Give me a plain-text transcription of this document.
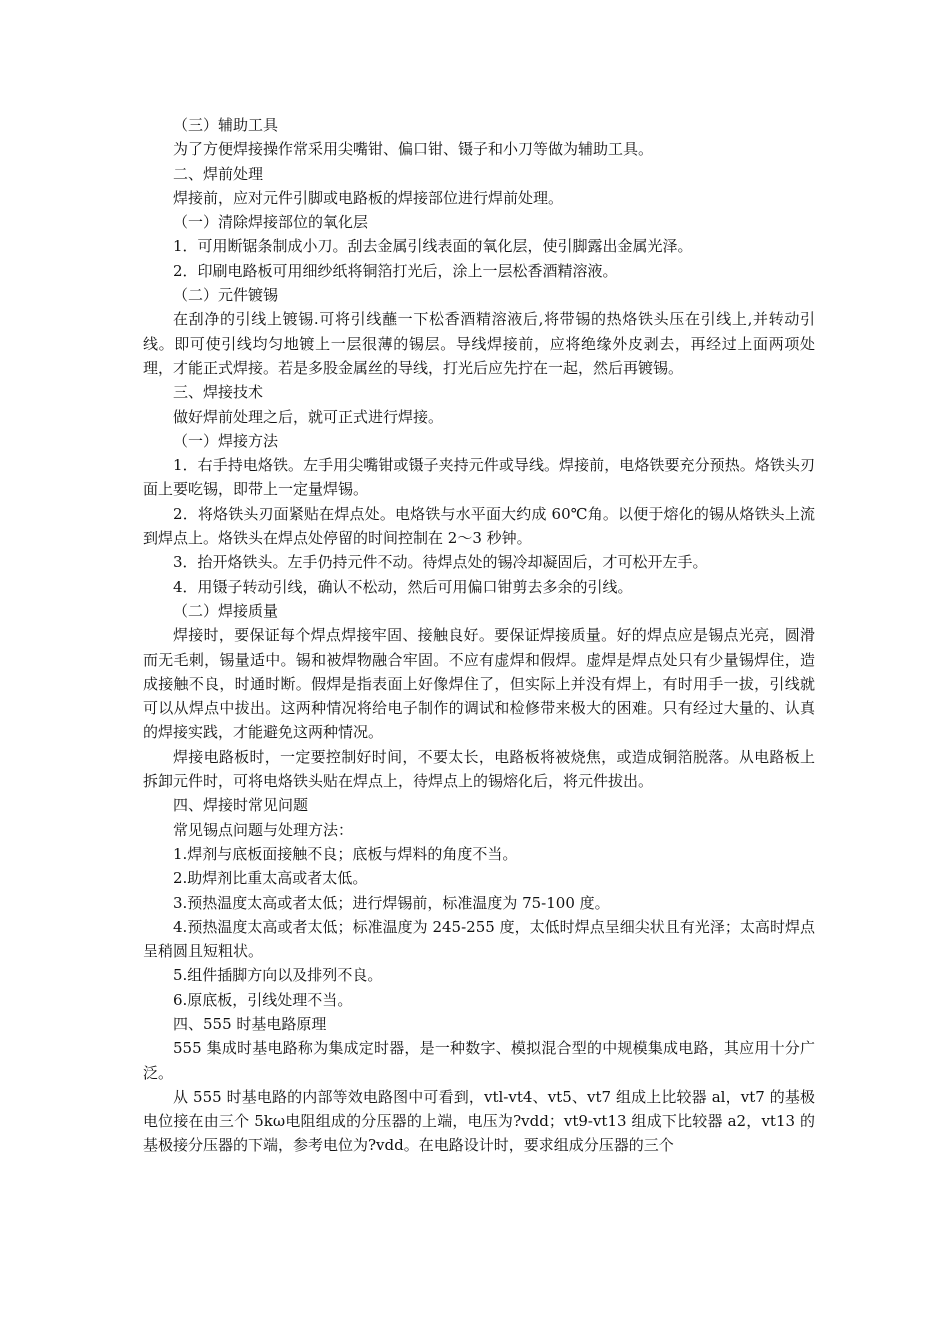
（三）辅助工具

为了方便焊接操作常采用尖嘴钳、偏口钳、镊子和小刀等做为辅助工具。

二、焊前处理

焊接前，应对元件引脚或电路板的焊接部位进行焊前处理。

（一）清除焊接部位的氧化层

1．可用断锯条制成小刀。刮去金属引线表面的氧化层，使引脚露出金属光泽。

2．印刷电路板可用细纱纸将铜箔打光后，涂上一层松香酒精溶液。

（二）元件镀锡

在刮净的引线上镀锡.可将引线蘸一下松香酒精溶液后,将带锡的热烙铁头压在引线上,并转动引线。即可使引线均匀地镀上一层很薄的锡层。导线焊接前，应将绝缘外皮剥去，再经过上面两项处理，才能正式焊接。若是多股金属丝的导线，打光后应先拧在一起，然后再镀锡。

三、焊接技术

做好焊前处理之后，就可正式进行焊接。

（一）焊接方法

1．右手持电烙铁。左手用尖嘴钳或镊子夹持元件或导线。焊接前，电烙铁要充分预热。烙铁头刃面上要吃锡，即带上一定量焊锡。

2．将烙铁头刃面紧贴在焊点处。电烙铁与水平面大约成 60℃角。以便于熔化的锡从烙铁头上流到焊点上。烙铁头在焊点处停留的时间控制在 2～3 秒钟。

3．抬开烙铁头。左手仍持元件不动。待焊点处的锡冷却凝固后，才可松开左手。

4．用镊子转动引线，确认不松动，然后可用偏口钳剪去多余的引线。

（二）焊接质量

焊接时，要保证每个焊点焊接牢固、接触良好。要保证焊接质量。好的焊点应是锡点光亮，圆滑而无毛刺，锡量适中。锡和被焊物融合牢固。不应有虚焊和假焊。虚焊是焊点处只有少量锡焊住，造成接触不良，时通时断。假焊是指表面上好像焊住了，但实际上并没有焊上，有时用手一拔，引线就可以从焊点中拔出。这两种情况将给电子制作的调试和检修带来极大的困难。只有经过大量的、认真的焊接实践，才能避免这两种情况。

焊接电路板时，一定要控制好时间，不要太长，电路板将被烧焦，或造成铜箔脱落。从电路板上拆卸元件时，可将电烙铁头贴在焊点上，待焊点上的锡熔化后，将元件拔出。

四、焊接时常见问题

常见锡点问题与处理方法：

1.焊剂与底板面接触不良；底板与焊料的角度不当。

2.助焊剂比重太高或者太低。

3.预热温度太高或者太低；进行焊锡前，标准温度为 75-100 度。

4.预热温度太高或者太低；标准温度为 245-255 度，太低时焊点呈细尖状且有光泽；太高时焊点呈稍圆且短粗状。

5.组件插脚方向以及排列不良。

6.原底板，引线处理不当。

四、555 时基电路原理

555 集成时基电路称为集成定时器，是一种数字、模拟混合型的中规模集成电路，其应用十分广泛。

从 555 时基电路的内部等效电路图中可看到，vtl-vt4、vt5、vt7 组成上比较器 al，vt7 的基极电位接在由三个 5kω电阻组成的分压器的上端，电压为?vdd；vt9-vt13 组成下比较器 a2，vt13 的基极接分压器的下端，参考电位为?vdd。在电路设计时，要求组成分压器的三个
